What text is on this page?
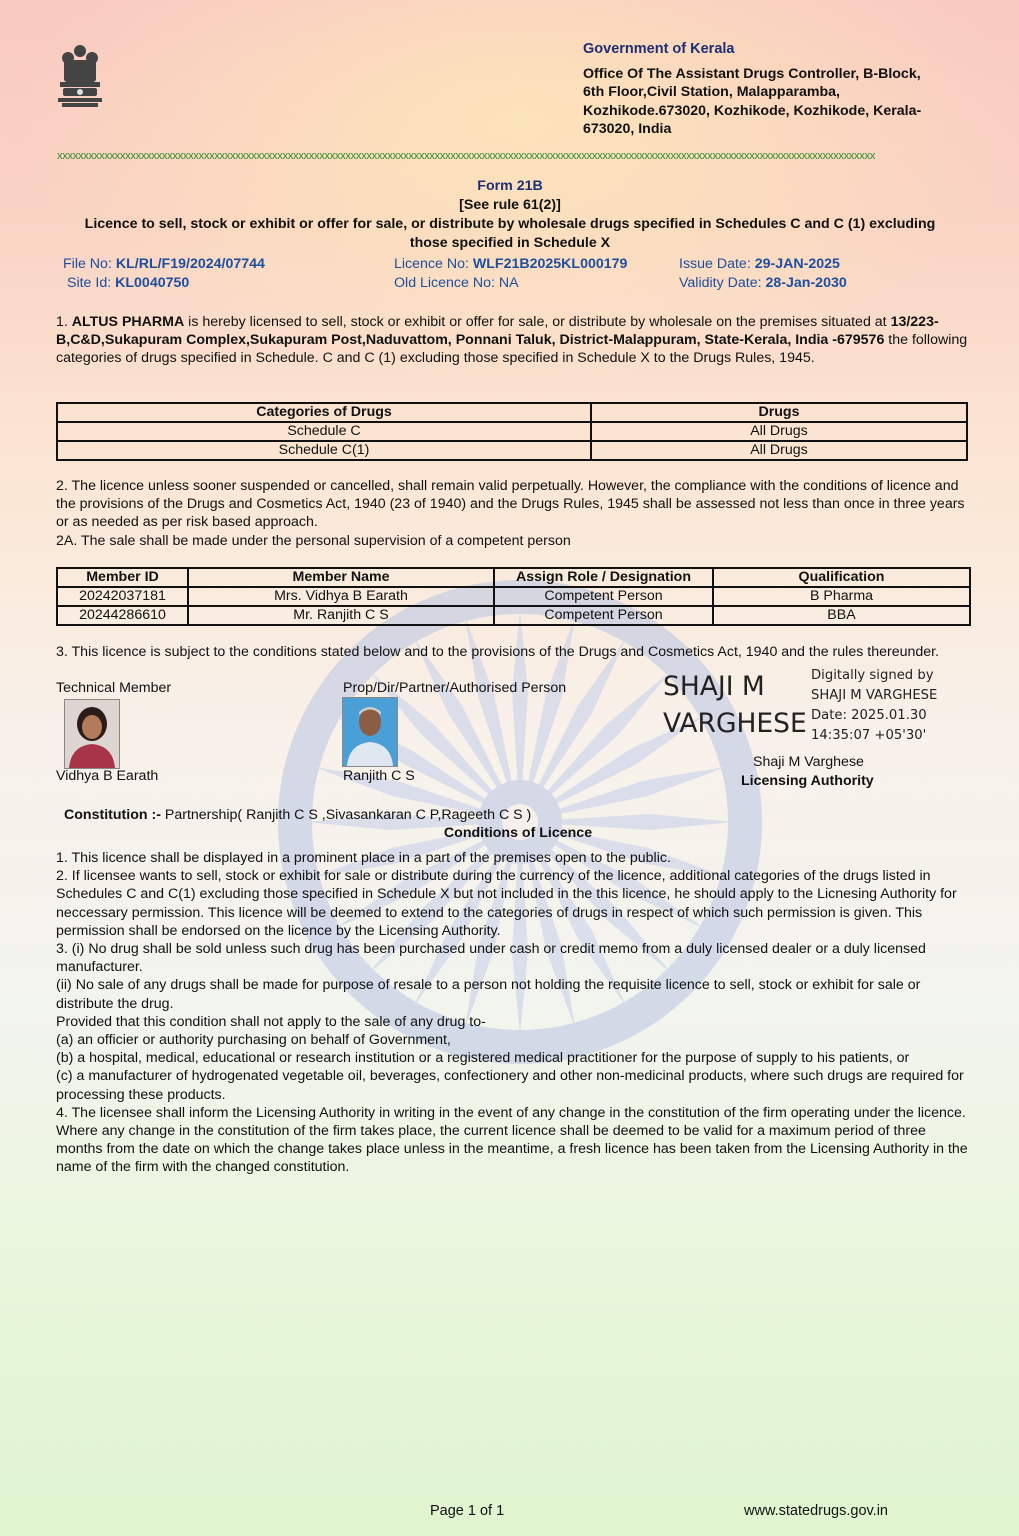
Government of Kerala
Office Of The Assistant Drugs Controller, B-Block,
6th Floor,Civil Station, Malapparamba,
Kozhikode.673020, Kozhikode, Kozhikode, Kerala-
673020, India
xxxxxxxxxxxxxxxxxxxxxxxxxxxxxxxxxxxxxxxxxxxxxxxxxxxxxxxxxxxxxxxxxxxxxxxxxxxxxxxxxxxxxxxxxxxxxxxxxxxxxxxxxxxxxxxxxxxxxxxxxxxxxxxxxxxxxxxxxxxxxxxxxxxxxxxxxxxx
Form 21B
[See rule 61(2)]
Licence to sell, stock or exhibit or offer for sale, or distribute by wholesale drugs specified in Schedules C and C (1) excluding
those specified in Schedule X
File No: KL/RL/F19/2024/07744
Site Id: KL0040750
Licence No: WLF21B2025KL000179
Old Licence No: NA
Issue Date: 29-JAN-2025
Validity Date: 28-Jan-2030
1. ALTUS PHARMA is hereby licensed to sell, stock or exhibit or offer for sale, or distribute by wholesale on the premises situated at 13/223-B,C&D,Sukapuram Complex,Sukapuram Post,Naduvattom, Ponnani Taluk, District-Malappuram, State-Kerala, India -679576 the following categories of drugs specified in Schedule. C and C (1) excluding those specified in Schedule X to the Drugs Rules, 1945.
Categories of Drugs	Drugs
Schedule C	All Drugs
Schedule C(1)	All Drugs
2. The licence unless sooner suspended or cancelled, shall remain valid perpetually. However, the compliance with the conditions of licence and the provisions of the Drugs and Cosmetics Act, 1940 (23 of 1940) and the Drugs Rules, 1945 shall be assessed not less than once in three years or as needed as per risk based approach.
2A. The sale shall be made under the personal supervision of a competent person
Member ID	Member Name	Assign Role / Designation	Qualification
20242037181	Mrs. Vidhya B Earath	Competent Person	B Pharma
20244286610	Mr. Ranjith C S	Competent Person	BBA
3. This licence is subject to the conditions stated below and to the provisions of the Drugs and Cosmetics Act, 1940 and the rules thereunder.
Technical Member
Vidhya B Earath
Prop/Dir/Partner/Authorised Person
Ranjith C S
SHAJI M
VARGHESE
Digitally signed by
SHAJI M VARGHESE
Date: 2025.01.30
14:35:07 +05'30'
Shaji M Varghese
Licensing Authority
Constitution :- Partnership( Ranjith C S ,Sivasankaran C P,Rageeth C S )
Conditions of Licence

1. This licence shall be displayed in a prominent place in a part of the premises open to the public.

2. If licensee wants to sell, stock or exhibit for sale or distribute during the currency of the licence, additional categories of the drugs listed in Schedules C and C(1) excluding those specified in Schedule X but not included in the this licence, he should apply to the Licnesing Authority for neccessary permission. This licence will be deemed to extend to the categories of drugs in respect of which such permission is given. This permission shall be endorsed on the licence by the Licensing Authority.

3. (i) No drug shall be sold unless such drug has been purchased under cash or credit memo from a duly licensed dealer or a duly licensed manufacturer.

(ii) No sale of any drugs shall be made for purpose of resale to a person not holding the requisite licence to sell, stock or exhibit for sale or distribute the drug.

Provided that this condition shall not apply to the sale of any drug to-

(a) an officier or authority purchasing on behalf of Government,

(b) a hospital, medical, educational or research institution or a registered medical practitioner for the purpose of supply to his patients, or

(c) a manufacturer of hydrogenated vegetable oil, beverages, confectionery and other non-medicinal products, where such drugs are required for processing these products.

4. The licensee shall inform the Licensing Authority in writing in the event of any change in the constitution of the firm operating under the licence. Where any change in the constitution of the firm takes place, the current licence shall be deemed to be valid for a maximum period of three months from the date on which the change takes place unless in the meantime, a fresh licence has been taken from the Licensing Authority in the name of the firm with the changed constitution.

Page 1 of 1	www.statedrugs.gov.in
